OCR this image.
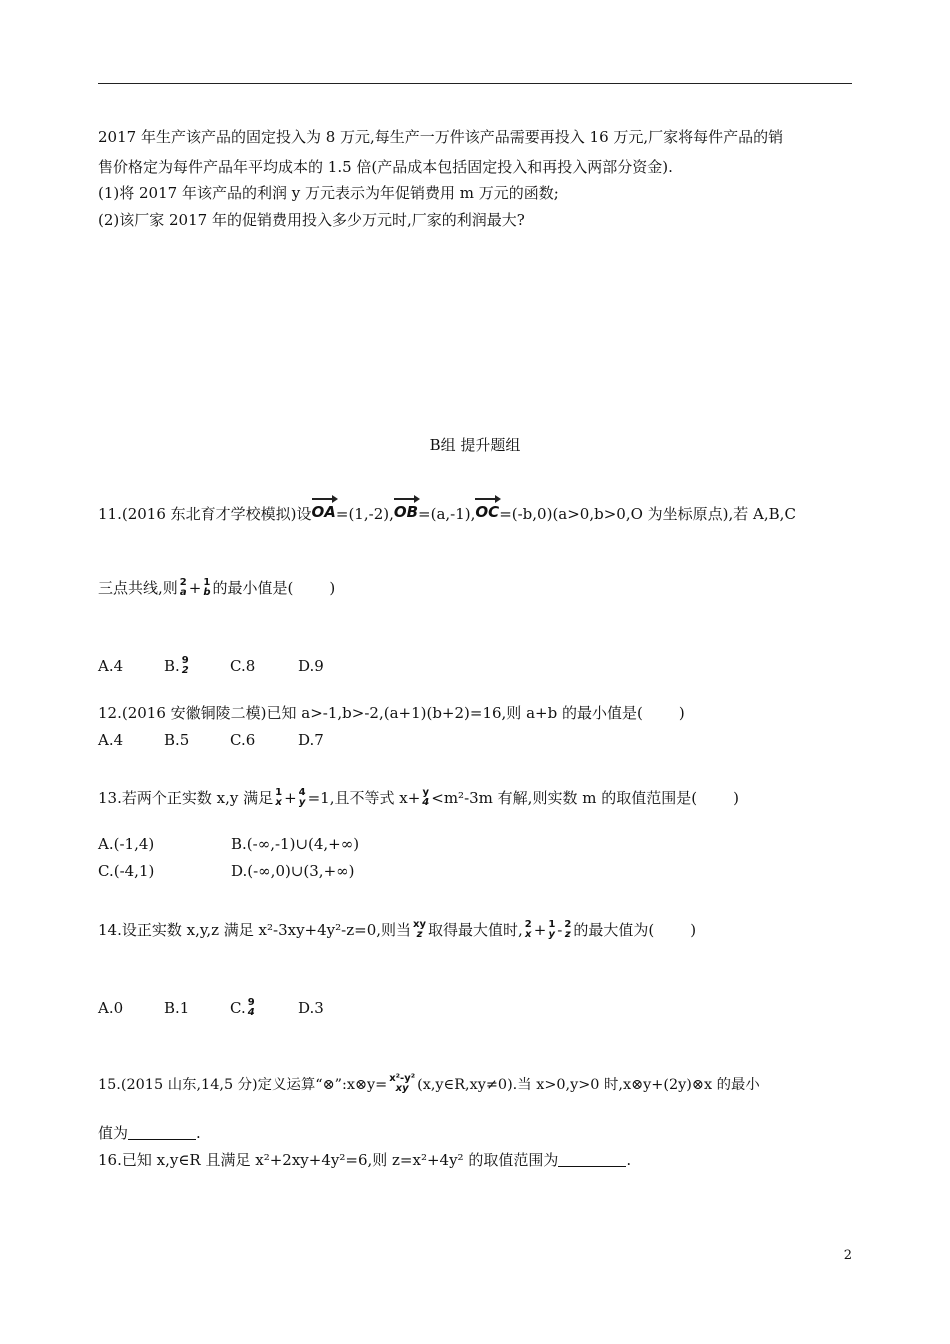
2017 年生产该产品的固定投入为 8 万元,每生产一万件该产品需要再投入 16 万元,厂家将每件产品的销
售价格定为每件产品年平均成本的 1.5 倍(产品成本包括固定投入和再投入两部分资金).
(1)将 2017 年该产品的利润 y 万元表示为年促销费用 m 万元的函数;
(2)该厂家 2017 年的促销费用投入多少万元时,厂家的利润最大?
B组 提升题组
11.(2016 东北育才学校模拟)设
OA=(1,-2),
OB=(a,-1),
OC=(-b,0)(a>0,b>0,O 为坐标原点),若 A,B,C
三点共线,则 2
a + 1
b 的最小值是( )
A.4	B. 9
2	C.8	D.9
12.(2016 安徽铜陵二模)已知 a>-1,b>-2,(a+1)(b+2)=16,则 a+b 的最小值是( )
A.4	B.5	C.6	D.7
13.若两个正实数 x,y 满足 1
x + 4
y =1,且不等式 x+ y
4 <m²-3m 有解,则实数 m 的取值范围是( )
A.(-1,4)	B.(-∞,-1)∪(4,+∞)
C.(-4,1)	D.(-∞,0)∪(3,+∞)
14.设正实数 x,y,z 满足 x²-3xy+4y²-z=0,则当 xy
z 取得最大值时, 2
x + 1
y - 2
z 的最大值为( )
A.0	B.1	C. 9
4	D.3
15.(2015 山东,14,5 分)定义运算“⊗”:x⊗y= x²-y²
xy (x,y∈R,xy≠0).当 x>0,y>0 时,x⊗y+(2y)⊗x 的最小
值为	.
16.已知 x,y∈R 且满足 x²+2xy+4y²=6,则 z=x²+4y² 的取值范围为	.
2
